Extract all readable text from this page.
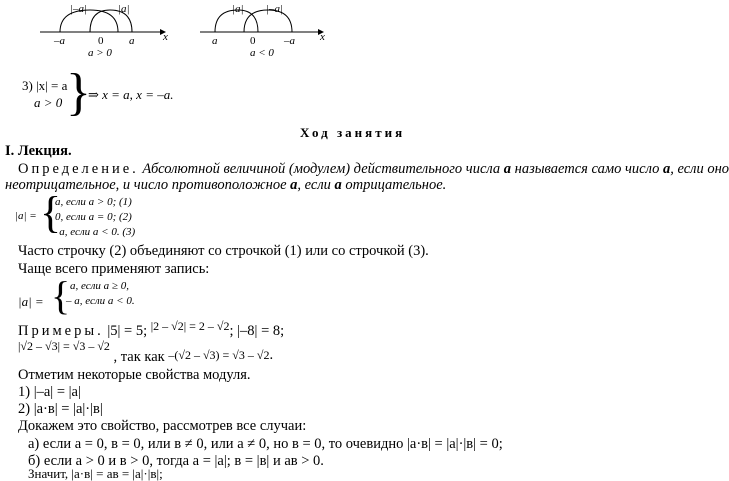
|–a|	|a|
–a	0 a	x
a > 0
|a| |–a|
a	0	–a x
a < 0
3) |x| = a
a > 0 }
⇒ x = a, x = –a.
Ход занятия
I. Лекция.
Определение. Абсолютной величиной (модулем) действительного числа a называется само число a, если оно
неотрицательное, и число противоположное a, если a отрицательное.
|a| = {
a, если a > 0; (1)
0, если a = 0; (2)
– a, если a < 0. (3)
Часто строчку (2) объединяют со строчкой (1) или со строчкой (3).
Чаще всего применяют запись:
|a| = { a, если a ≥ 0,
– a, если a < 0.
Примеры. |5| = 5; $^{|2 - √2| = 2 - √2}$; |–8| = 8;
$^{|√2 - √3| = √3 - √2}$ , так как $_{-(√2 - √3) = √3 - √2}$.
Отметим некоторые свойства модуля.
1) |–a| = |a|
2) |a·в| = |a|·|в|
Докажем это свойство, рассмотрев все случаи:
а) если a = 0, в = 0, или в ≠ 0, или a ≠ 0, но в = 0, то очевидно |a·в| = |a|·|в| = 0;
б) если a > 0 и в > 0, тогда a = |a|; в = |в| и aв > 0.
Значит, |a·в| = aв = |a|·|в|;
